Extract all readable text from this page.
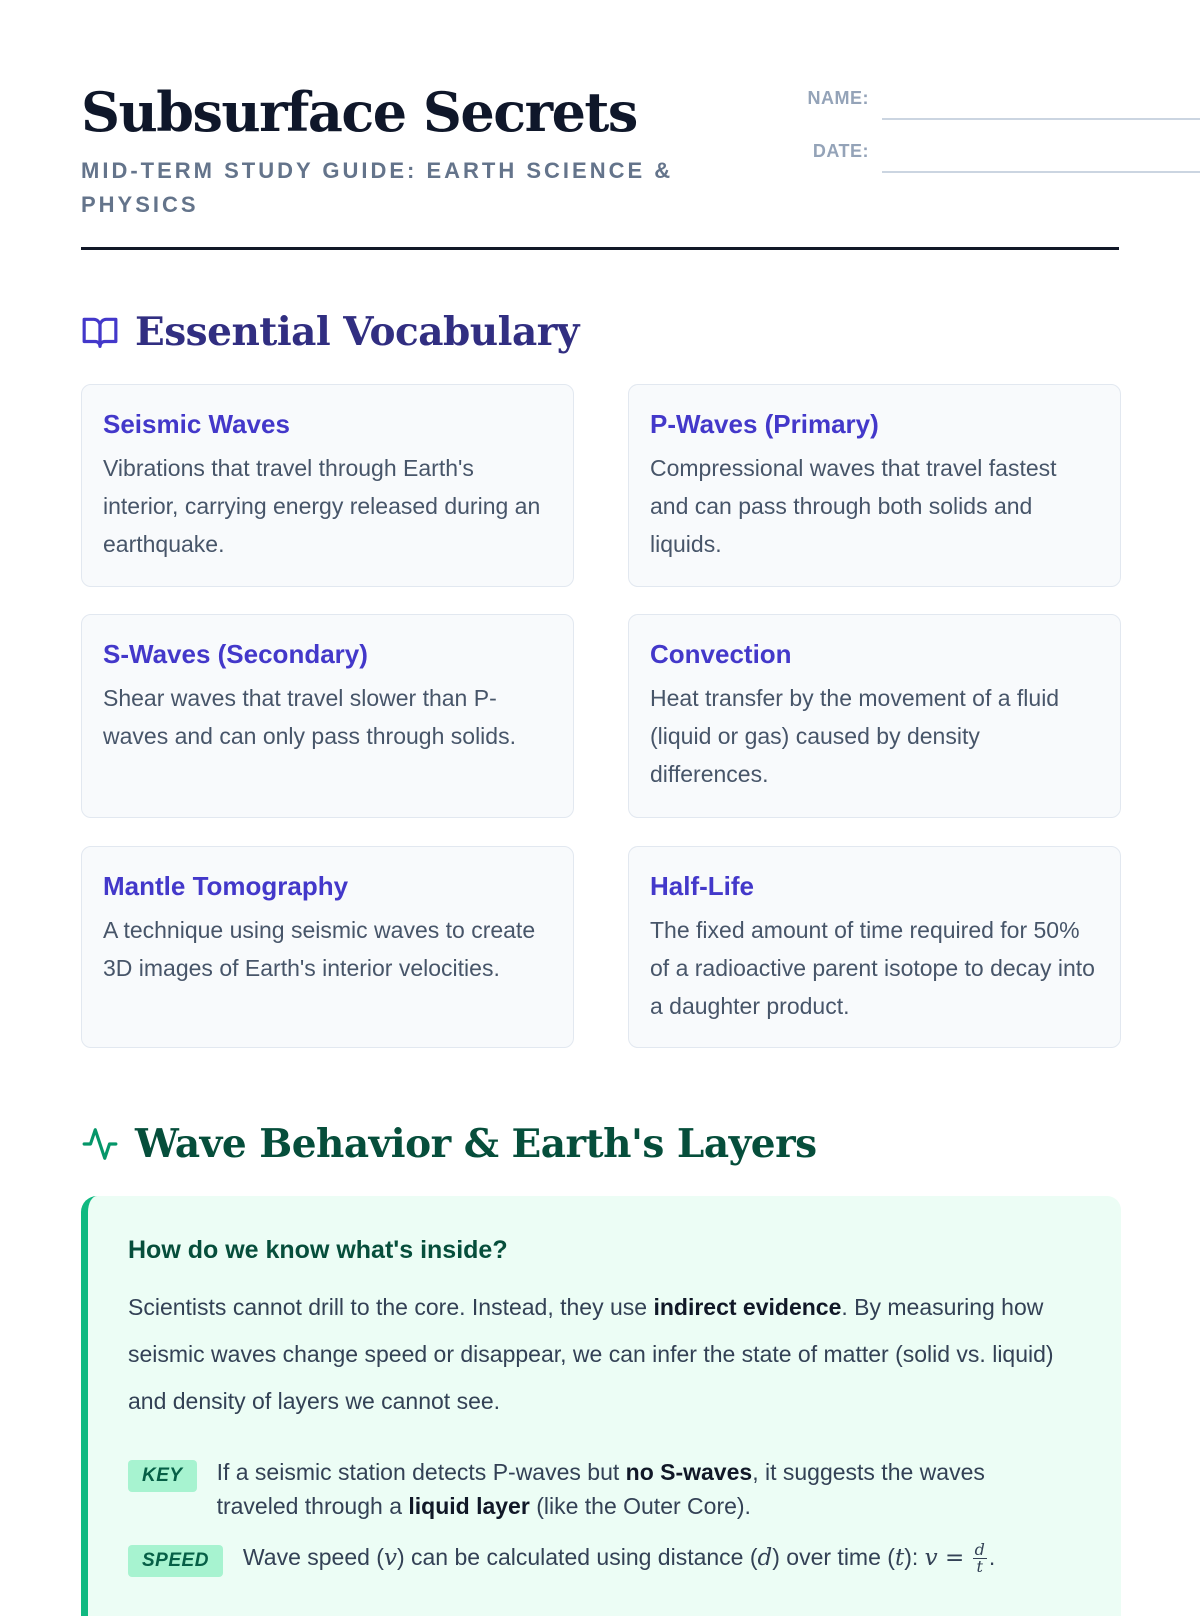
Subsurface Secrets
MID-TERM STUDY GUIDE: EARTH SCIENCE & PHYSICS
NAME:
DATE:
Essential Vocabulary
Seismic Waves
Vibrations that travel through Earth's interior, carrying energy released during an earthquake.
P-Waves (Primary)
Compressional waves that travel fastest and can pass through both solids and liquids.
S-Waves (Secondary)
Shear waves that travel slower than P-waves and can only pass through solids.
Convection
Heat transfer by the movement of a fluid (liquid or gas) caused by density differences.
Mantle Tomography
A technique using seismic waves to create 3D images of Earth's interior velocities.
Half-Life
The fixed amount of time required for 50% of a radioactive parent isotope to decay into a daughter product.
Wave Behavior & Earth's Layers
How do we know what's inside?

Scientists cannot drill to the core. Instead, they use indirect evidence. By measuring how seismic waves change speed or disappear, we can infer the state of matter (solid vs. liquid) and density of layers we cannot see.

KEY	If a seismic station detects P-waves but no S-waves, it suggests the waves traveled through a liquid layer (like the Outer Core).
SPEED	Wave speed (v) can be calculated using distance (d) over time (t): $v = \frac{d}{t}$ .
